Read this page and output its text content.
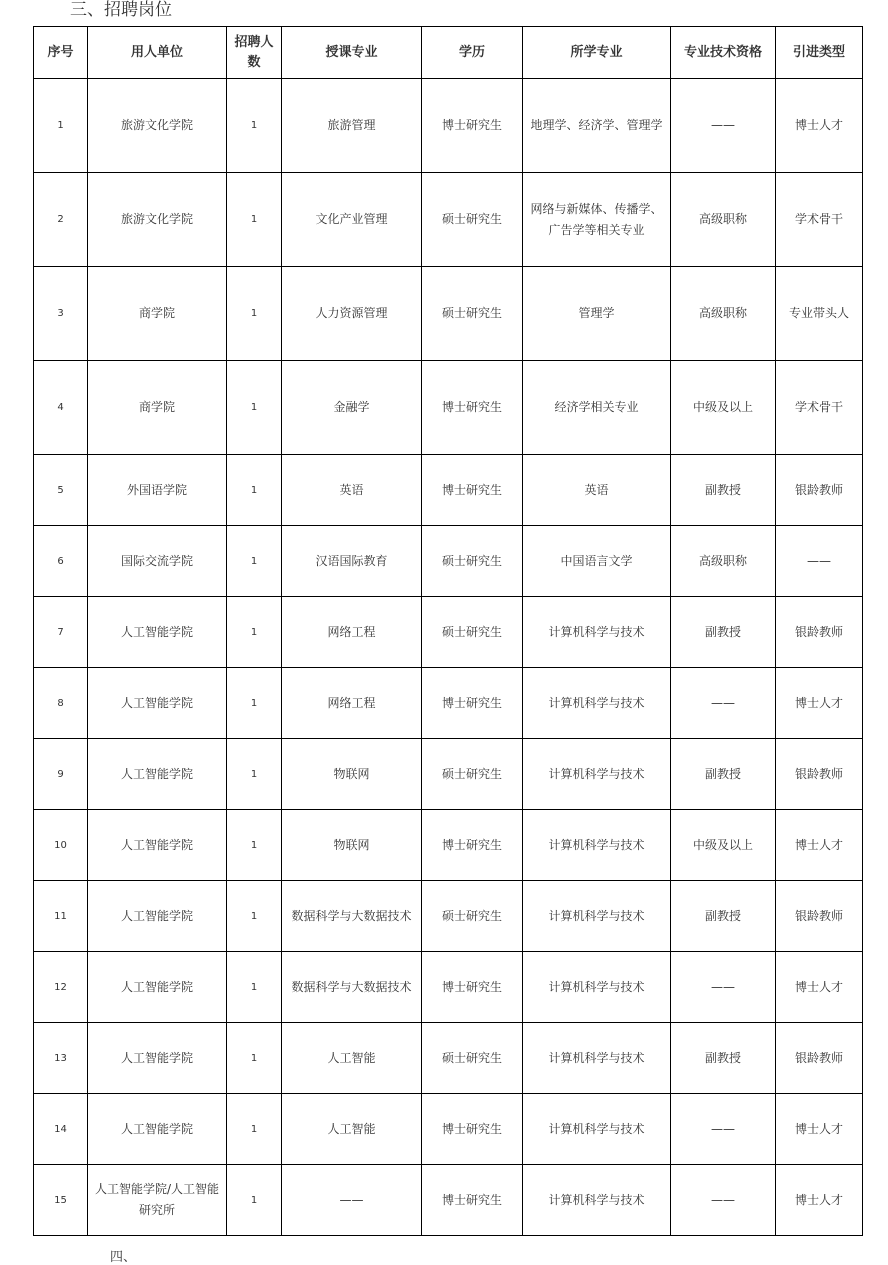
三、招聘岗位
序号	用人单位	招聘人数	授课专业	学历	所学专业	专业技术资格	引进类型
1	旅游文化学院	1	旅游管理	博士研究生	地理学、经济学、管理学	——	博士人才
2	旅游文化学院	1	文化产业管理	硕士研究生	网络与新媒体、传播学、广告学等相关专业	高级职称	学术骨干
3	商学院	1	人力资源管理	硕士研究生	管理学	高级职称	专业带头人
4	商学院	1	金融学	博士研究生	经济学相关专业	中级及以上	学术骨干
5	外国语学院	1	英语	博士研究生	英语	副教授	银龄教师
6	国际交流学院	1	汉语国际教育	硕士研究生	中国语言文学	高级职称	——
7	人工智能学院	1	网络工程	硕士研究生	计算机科学与技术	副教授	银龄教师
8	人工智能学院	1	网络工程	博士研究生	计算机科学与技术	——	博士人才
9	人工智能学院	1	物联网	硕士研究生	计算机科学与技术	副教授	银龄教师
10	人工智能学院	1	物联网	博士研究生	计算机科学与技术	中级及以上	博士人才
11	人工智能学院	1	数据科学与大数据技术	硕士研究生	计算机科学与技术	副教授	银龄教师
12	人工智能学院	1	数据科学与大数据技术	博士研究生	计算机科学与技术	——	博士人才
13	人工智能学院	1	人工智能	硕士研究生	计算机科学与技术	副教授	银龄教师
14	人工智能学院	1	人工智能	博士研究生	计算机科学与技术	——	博士人才
15	人工智能学院/人工智能研究所	1	——	博士研究生	计算机科学与技术	——	博士人才
四、
